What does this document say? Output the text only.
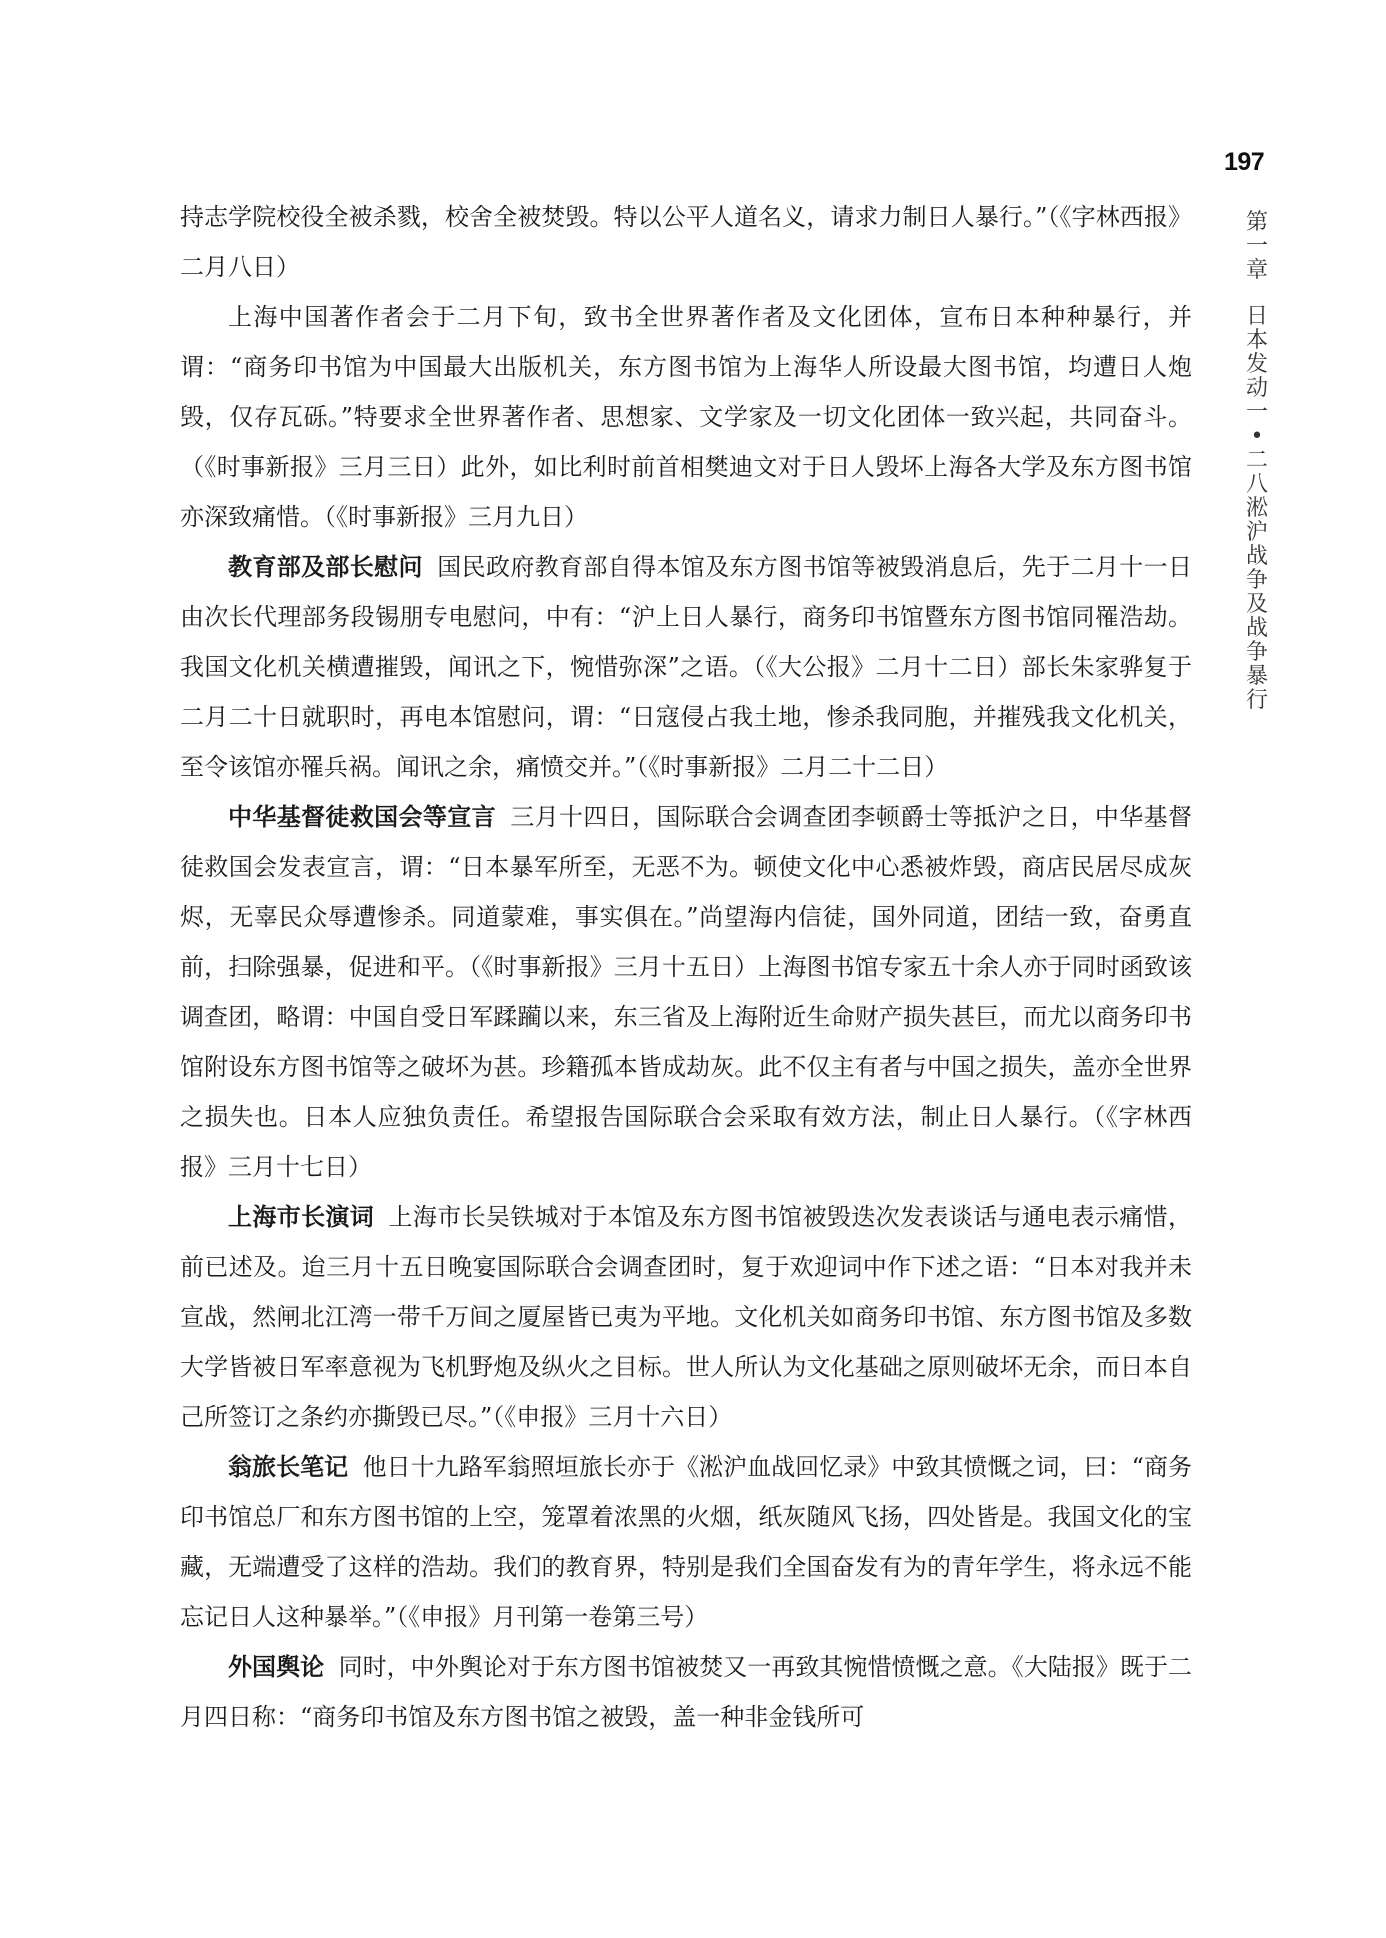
197
第
一
章
日
本
发
动
一
•
二
八
淞
沪
战
争
及
战
争
暴
行

持志学院校役全被杀戮，校舍全被焚毁。特以公平人道名义，请求力制日人暴行。”（《字林西报》二月八日）

上海中国著作者会于二月下旬，致书全世界著作者及文化团体，宣布日本种种暴行，并谓：“商务印书馆为中国最大出版机关，东方图书馆为上海华人所设最大图书馆，均遭日人炮毁，仅存瓦砾。”特要求全世界著作者、思想家、文学家及一切文化团体一致兴起，共同奋斗。（《时事新报》三月三日）此外，如比利时前首相樊迪文对于日人毁坏上海各大学及东方图书馆亦深致痛惜。（《时事新报》三月九日）

教育部及部长慰问 国民政府教育部自得本馆及东方图书馆等被毁消息后，先于二月十一日由次长代理部务段锡朋专电慰问，中有：“沪上日人暴行，商务印书馆暨东方图书馆同罹浩劫。我国文化机关横遭摧毁，闻讯之下，惋惜弥深”之语。（《大公报》二月十二日）部长朱家骅复于二月二十日就职时，再电本馆慰问，谓：“日寇侵占我土地，惨杀我同胞，并摧残我文化机关，至令该馆亦罹兵祸。闻讯之余，痛愤交并。”（《时事新报》二月二十二日）

中华基督徒救国会等宣言 三月十四日，国际联合会调查团李顿爵士等抵沪之日，中华基督徒救国会发表宣言，谓：“日本暴军所至，无恶不为。顿使文化中心悉被炸毁，商店民居尽成灰烬，无辜民众辱遭惨杀。同道蒙难，事实俱在。”尚望海内信徒，国外同道，团结一致，奋勇直前，扫除强暴，促进和平。（《时事新报》三月十五日）上海图书馆专家五十余人亦于同时函致该调查团，略谓：中国自受日军蹂躏以来，东三省及上海附近生命财产损失甚巨，而尤以商务印书馆附设东方图书馆等之破坏为甚。珍籍孤本皆成劫灰。此不仅主有者与中国之损失，盖亦全世界之损失也。日本人应独负责任。希望报告国际联合会采取有效方法，制止日人暴行。（《字林西报》三月十七日）

上海市长演词 上海市长吴铁城对于本馆及东方图书馆被毁迭次发表谈话与通电表示痛惜，前已述及。迨三月十五日晚宴国际联合会调查团时，复于欢迎词中作下述之语：“日本对我并未宣战，然闸北江湾一带千万间之厦屋皆已夷为平地。文化机关如商务印书馆、东方图书馆及多数大学皆被日军率意视为飞机野炮及纵火之目标。世人所认为文化基础之原则破坏无余，而日本自己所签订之条约亦撕毁已尽。”（《申报》三月十六日）

翁旅长笔记 他日十九路军翁照垣旅长亦于《淞沪血战回忆录》中致其愤慨之词，曰：“商务印书馆总厂和东方图书馆的上空，笼罩着浓黑的火烟，纸灰随风飞扬，四处皆是。我国文化的宝藏，无端遭受了这样的浩劫。我们的教育界，特别是我们全国奋发有为的青年学生，将永远不能忘记日人这种暴举。”（《申报》月刊第一卷第三号）

外国舆论 同时，中外舆论对于东方图书馆被焚又一再致其惋惜愤慨之意。《大陆报》既于二月四日称：“商务印书馆及东方图书馆之被毁，盖一种非金钱所可
